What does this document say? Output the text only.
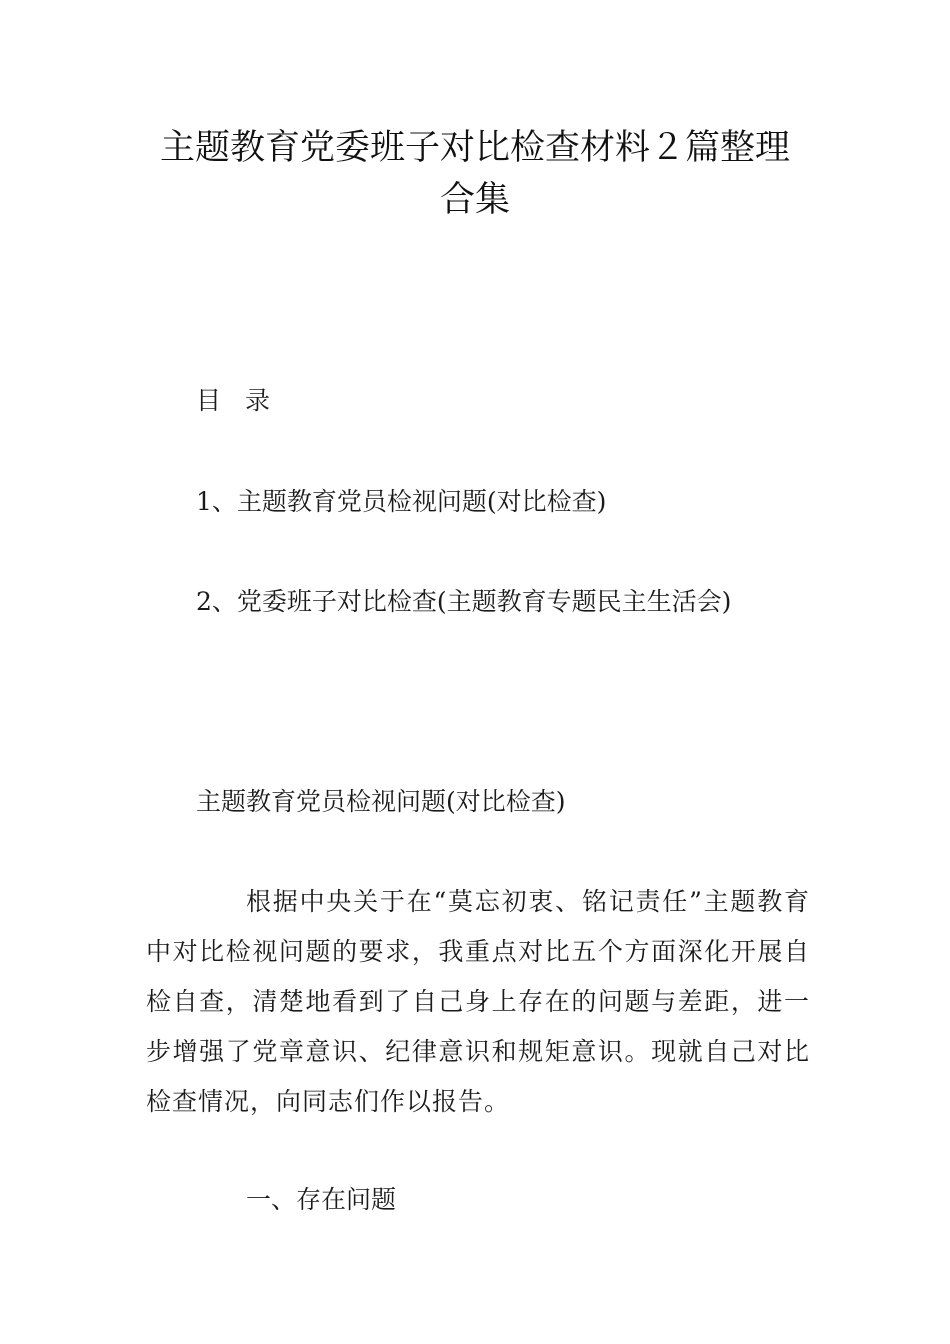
主题教育党委班子对比检查材料２篇整理
合集
目 录
1、主题教育党员检视问题(对比检查)
2、党委班子对比检查(主题教育专题民主生活会)
主题教育党员检视问题(对比检查)
根据中央关于在“莫忘初衷、铭记责任”主题教育中对比检视问题的要求，我重点对比五个方面深化开展自检自查，清楚地看到了自己身上存在的问题与差距，进一步增强了党章意识、纪律意识和规矩意识。现就自己对比检查情况，向同志们作以报告。
一、存在问题
